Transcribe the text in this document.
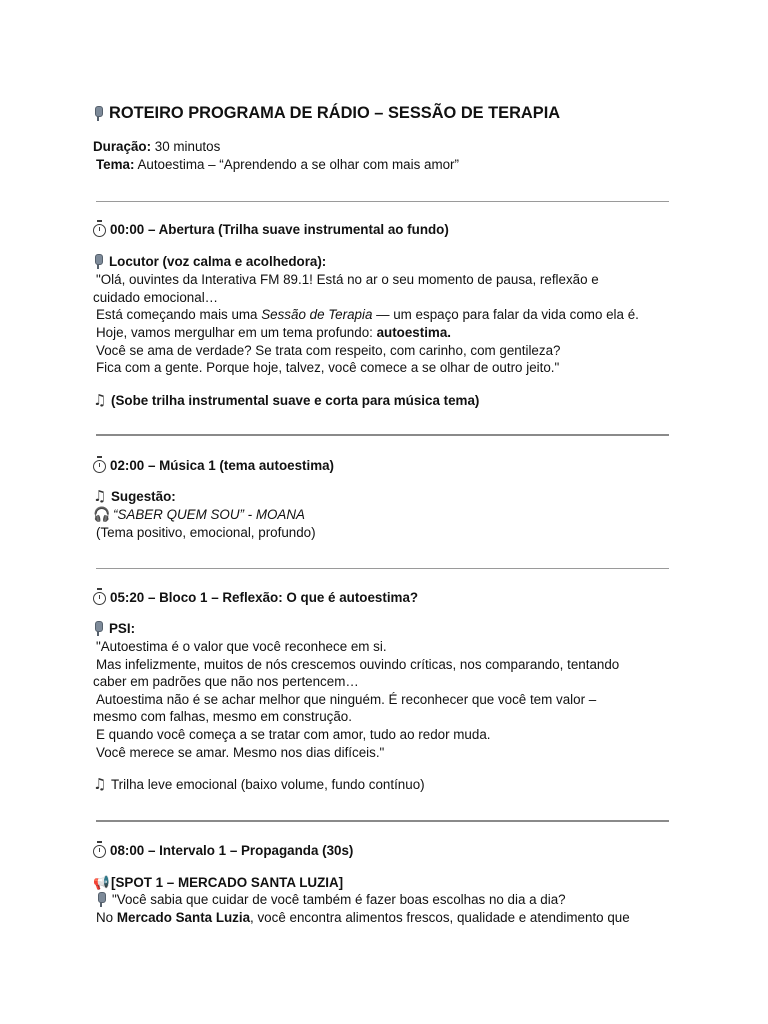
ROTEIRO PROGRAMA DE RÁDIO – SESSÃO DE TERAPIA
Duração: 30 minutos
Tema: Autoestima – “Aprendendo a se olhar com mais amor”
00:00 – Abertura (Trilha suave instrumental ao fundo)
Locutor (voz calma e acolhedora):
"Olá, ouvintes da Interativa FM 89.1! Está no ar o seu momento de pausa, reflexão e
cuidado emocional…
Está começando mais uma Sessão de Terapia — um espaço para falar da vida como ela é.
Hoje, vamos mergulhar em um tema profundo: autoestima.
Você se ama de verdade? Se trata com respeito, com carinho, com gentileza?
Fica com a gente. Porque hoje, talvez, você comece a se olhar de outro jeito."
♫ (Sobe trilha instrumental suave e corta para música tema)
02:00 – Música 1 (tema autoestima)
♫ Sugestão:
🎧 “SABER QUEM SOU” - MOANA
(Tema positivo, emocional, profundo)
05:20 – Bloco 1 – Reflexão: O que é autoestima?
PSI:
"Autoestima é o valor que você reconhece em si.
Mas infelizmente, muitos de nós crescemos ouvindo críticas, nos comparando, tentando
caber em padrões que não nos pertencem…
Autoestima não é se achar melhor que ninguém. É reconhecer que você tem valor –
mesmo com falhas, mesmo em construção.
E quando você começa a se tratar com amor, tudo ao redor muda.
Você merece se amar. Mesmo nos dias difíceis."
♫ Trilha leve emocional (baixo volume, fundo contínuo)
08:00 – Intervalo 1 – Propaganda (30s)
📢[SPOT 1 – MERCADO SANTA LUZIA]
"Você sabia que cuidar de você também é fazer boas escolhas no dia a dia?
No Mercado Santa Luzia, você encontra alimentos frescos, qualidade e atendimento que
